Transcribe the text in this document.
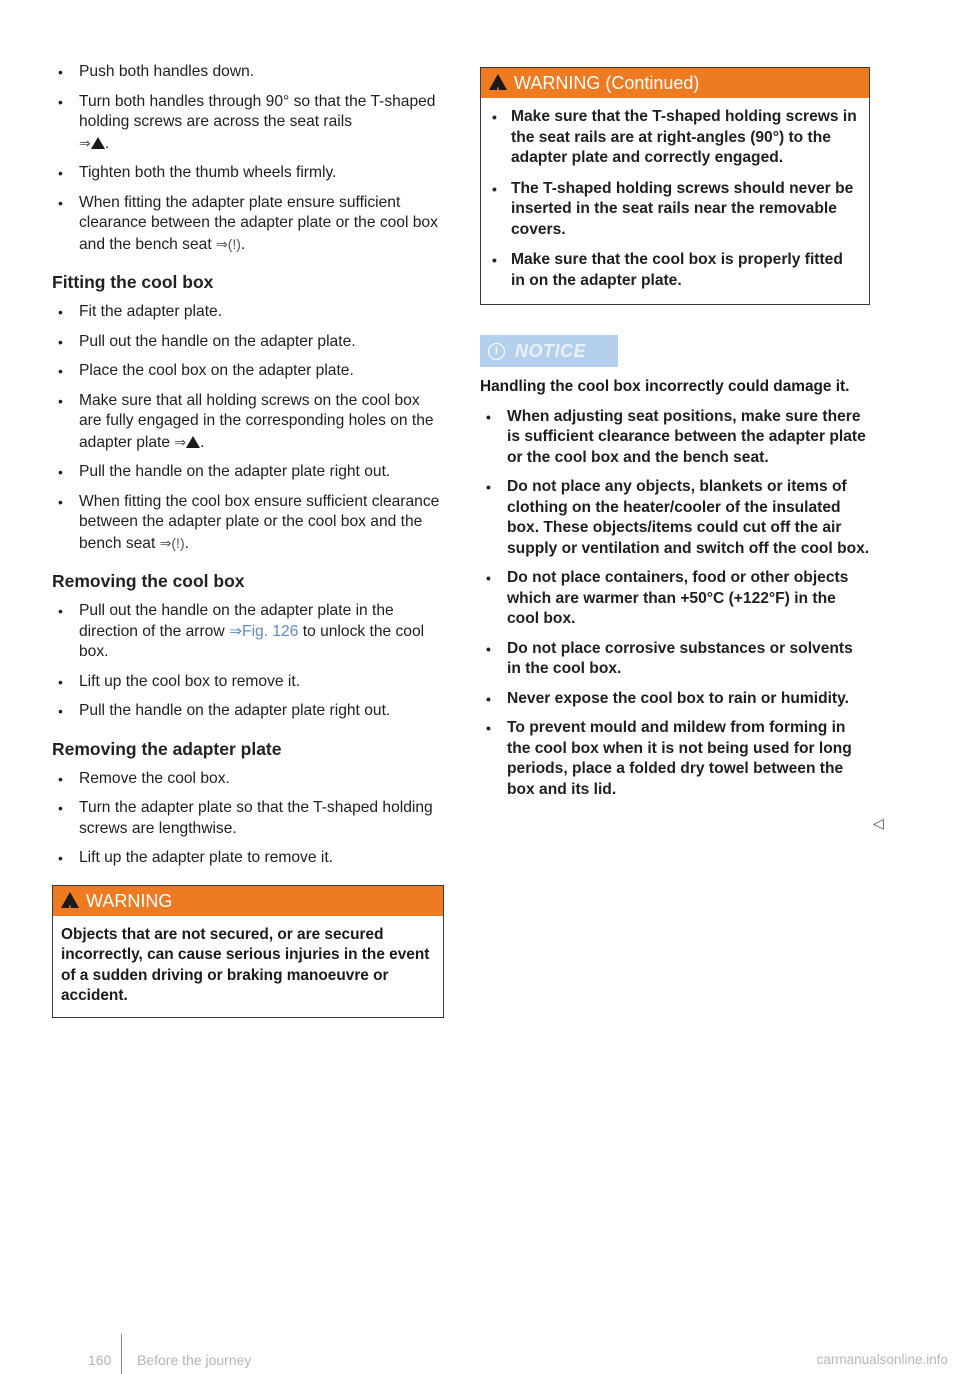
• Push both handles down.
• Turn both handles through 90° so that the T-shaped holding screws are across the seat rails
⇒ .
• Tighten both the thumb wheels firmly.
• When fitting the adapter plate ensure sufficient clearance between the adapter plate or the cool box and the bench seat ⇒(!).
Fitting the cool box
• Fit the adapter plate.
• Pull out the handle on the adapter plate.
• Place the cool box on the adapter plate.
• Make sure that all holding screws on the cool box are fully engaged in the corresponding holes on the adapter plate ⇒ .
• Pull the handle on the adapter plate right out.
• When fitting the cool box ensure sufficient clearance between the adapter plate or the cool box and the bench seat ⇒(!).
Removing the cool box
• Pull out the handle on the adapter plate in the direction of the arrow ⇒Fig. 126 to unlock the cool box.
• Lift up the cool box to remove it.
• Pull the handle on the adapter plate right out.
Removing the adapter plate
• Remove the cool box.
• Turn the adapter plate so that the T-shaped holding screws are lengthwise.
• Lift up the adapter plate to remove it.
!
WARNING

Objects that are not secured, or are secured incorrectly, can cause serious injuries in the event of a sudden driving or braking manoeuvre or accident.

!
WARNING (Continued)
• Make sure that the T-shaped holding screws in the seat rails are at right-angles (90°) to the adapter plate and correctly engaged.
• The T-shaped holding screws should never be inserted in the seat rails near the removable covers.
• Make sure that the cool box is properly fitted in on the adapter plate.
! NOTICE

Handling the cool box incorrectly could damage it.

• When adjusting seat positions, make sure there is sufficient clearance between the adapter plate or the cool box and the bench seat.
• Do not place any objects, blankets or items of clothing on the heater/cooler of the insulated box. These objects/items could cut off the air supply or ventilation and switch off the cool box.
• Do not place containers, food or other objects which are warmer than +50°C (+122°F) in the cool box.
• Do not place corrosive substances or solvents in the cool box.
• Never expose the cool box to rain or humidity.
• To prevent mould and mildew from forming in the cool box when it is not being used for long periods, place a folded dry towel between the box and its lid.
◁
160 Before the journey	carmanualsonline.info
